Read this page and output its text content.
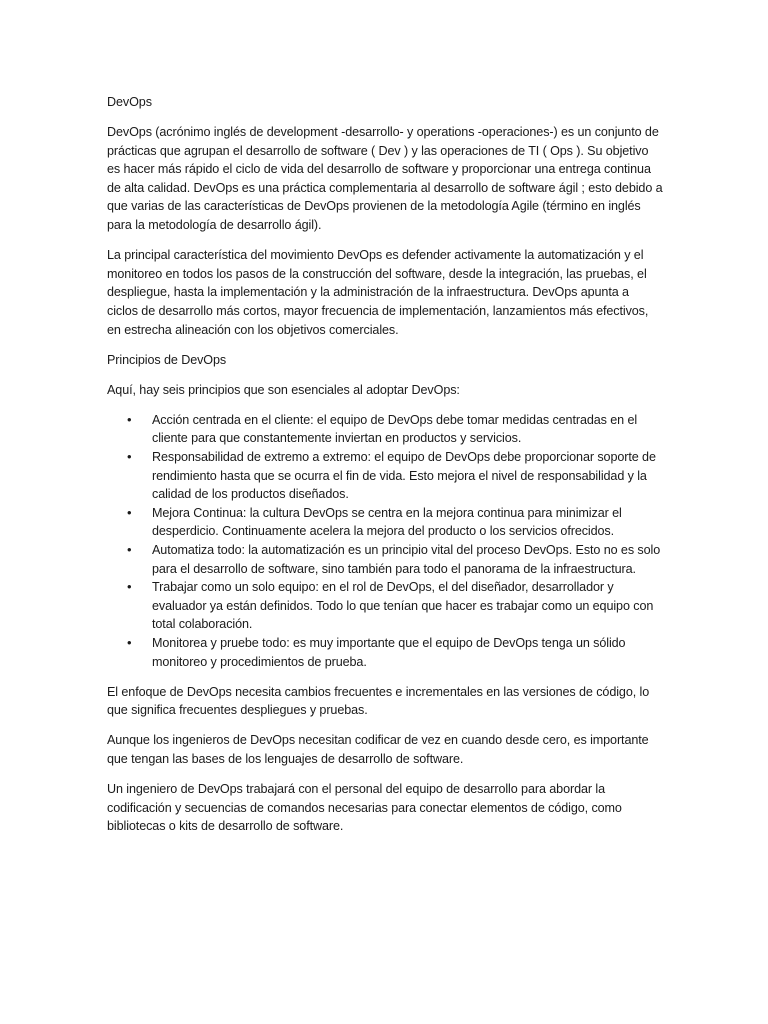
DevOps

DevOps (acrónimo inglés de development -desarrollo- y operations -operaciones-) es un conjunto de prácticas que agrupan el desarrollo de software ( Dev ) y las operaciones de TI ( Ops ). Su objetivo es hacer más rápido el ciclo de vida del desarrollo de software y proporcionar una entrega continua de alta calidad. DevOps es una práctica complementaria al desarrollo de software ágil ; esto debido a que varias de las características de DevOps provienen de la metodología Agile (término en inglés para la metodología de desarrollo ágil).

La principal característica del movimiento DevOps es defender activamente la automatización y el monitoreo en todos los pasos de la construcción del software, desde la integración, las pruebas, el despliegue, hasta la implementación y la administración de la infraestructura. DevOps apunta a ciclos de desarrollo más cortos, mayor frecuencia de implementación, lanzamientos más efectivos, en estrecha alineación con los objetivos comerciales.

Principios de DevOps

Aquí, hay seis principios que son esenciales al adoptar DevOps:

• Acción centrada en el cliente: el equipo de DevOps debe tomar medidas centradas en el cliente para que constantemente inviertan en productos y servicios.
• Responsabilidad de extremo a extremo: el equipo de DevOps debe proporcionar soporte de rendimiento hasta que se ocurra el fin de vida. Esto mejora el nivel de responsabilidad y la calidad de los productos diseñados.
• Mejora Continua: la cultura DevOps se centra en la mejora continua para minimizar el desperdicio. Continuamente acelera la mejora del producto o los servicios ofrecidos.
• Automatiza todo: la automatización es un principio vital del proceso DevOps. Esto no es solo para el desarrollo de software, sino también para todo el panorama de la infraestructura.
• Trabajar como un solo equipo: en el rol de DevOps, el del diseñador, desarrollador y evaluador ya están definidos. Todo lo que tenían que hacer es trabajar como un equipo con total colaboración.
• Monitorea y pruebe todo: es muy importante que el equipo de DevOps tenga un sólido monitoreo y procedimientos de prueba.

El enfoque de DevOps necesita cambios frecuentes e incrementales en las versiones de código, lo que significa frecuentes despliegues y pruebas.

Aunque los ingenieros de DevOps necesitan codificar de vez en cuando desde cero, es importante que tengan las bases de los lenguajes de desarrollo de software.

Un ingeniero de DevOps trabajará con el personal del equipo de desarrollo para abordar la codificación y secuencias de comandos necesarias para conectar elementos de código, como bibliotecas o kits de desarrollo de software.
